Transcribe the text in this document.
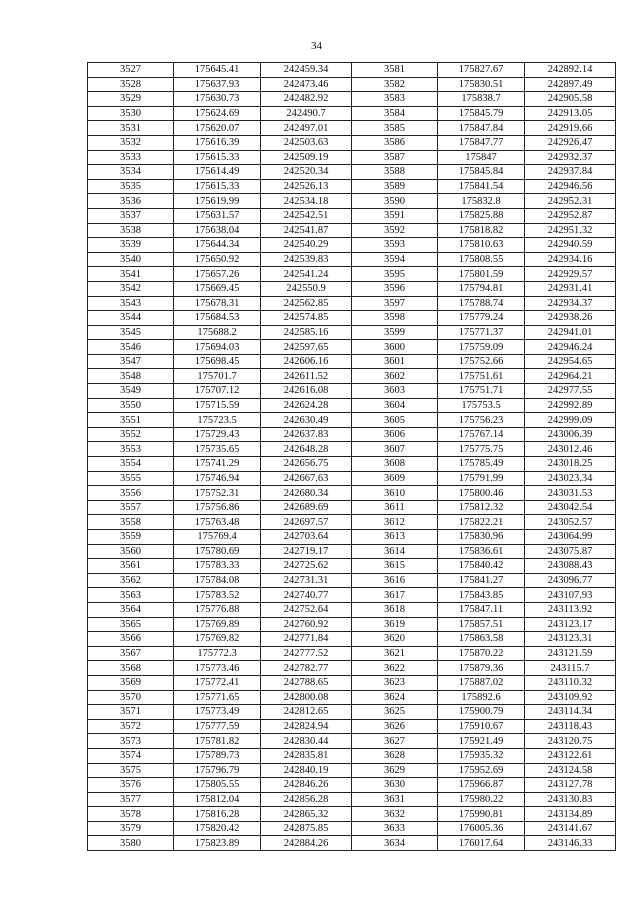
34
3527	175645.41	242459.34	3581	175827.67	242892.14
3528	175637.93	242473.46	3582	175830.51	242897.49
3529	175630.73	242482.92	3583	175838.7	242905.58
3530	175624.69	242490.7	3584	175845.79	242913.05
3531	175620.07	242497.01	3585	175847.84	242919.66
3532	175616.39	242503.63	3586	175847.77	242926.47
3533	175615.33	242509.19	3587	175847	242932.37
3534	175614.49	242520.34	3588	175845.84	242937.84
3535	175615.33	242526.13	3589	175841.54	242946.56
3536	175619.99	242534.18	3590	175832.8	242952.31
3537	175631.57	242542.51	3591	175825.88	242952.87
3538	175638.04	242541.87	3592	175818.82	242951.32
3539	175644.34	242540.29	3593	175810.63	242940.59
3540	175650.92	242539.83	3594	175808.55	242934.16
3541	175657.26	242541.24	3595	175801.59	242929.57
3542	175669.45	242550.9	3596	175794.81	242931.41
3543	175678.31	242562.85	3597	175788.74	242934.37
3544	175684.53	242574.85	3598	175779.24	242938.26
3545	175688.2	242585.16	3599	175771.37	242941.01
3546	175694.03	242597.65	3600	175759.09	242946.24
3547	175698.45	242606.16	3601	175752.66	242954.65
3548	175701.7	242611.52	3602	175751.61	242964.21
3549	175707.12	242616.08	3603	175751.71	242977.55
3550	175715.59	242624.28	3604	175753.5	242992.89
3551	175723.5	242630.49	3605	175756.23	242999.09
3552	175729.43	242637.83	3606	175767.14	243006.39
3553	175735.65	242648.28	3607	175775.75	243012.46
3554	175741.29	242656.75	3608	175785.49	243018.25
3555	175746.94	242667.63	3609	175791.99	243023.34
3556	175752.31	242680.34	3610	175800.46	243031.53
3557	175756.86	242689.69	3611	175812.32	243042.54
3558	175763.48	242697.57	3612	175822.21	243052.57
3559	175769.4	242703.64	3613	175830.96	243064.99
3560	175780.69	242719.17	3614	175836.61	243075.87
3561	175783.33	242725.62	3615	175840.42	243088.43
3562	175784.08	242731.31	3616	175841.27	243096.77
3563	175783.52	242740.77	3617	175843.85	243107.93
3564	175776.88	242752.64	3618	175847.11	243113.92
3565	175769.89	242760.92	3619	175857.51	243123.17
3566	175769.82	242771.84	3620	175863.58	243123.31
3567	175772.3	242777.52	3621	175870.22	243121.59
3568	175773.46	242782.77	3622	175879.36	243115.7
3569	175772.41	242788.65	3623	175887.02	243110.32
3570	175771.65	242800.08	3624	175892.6	243109.92
3571	175773.49	242812.65	3625	175900.79	243114.34
3572	175777.59	242824.94	3626	175910.67	243118.43
3573	175781.82	242830.44	3627	175921.49	243120.75
3574	175789.73	242835.81	3628	175935.32	243122.61
3575	175796.79	242840.19	3629	175952.69	243124.58
3576	175805.55	242846.26	3630	175966.87	243127.78
3577	175812.04	242856.28	3631	175980.22	243130.83
3578	175816.28	242865.32	3632	175990.81	243134.89
3579	175820.42	242875.85	3633	176005.36	243141.67
3580	175823.89	242884.26	3634	176017.64	243146.33
